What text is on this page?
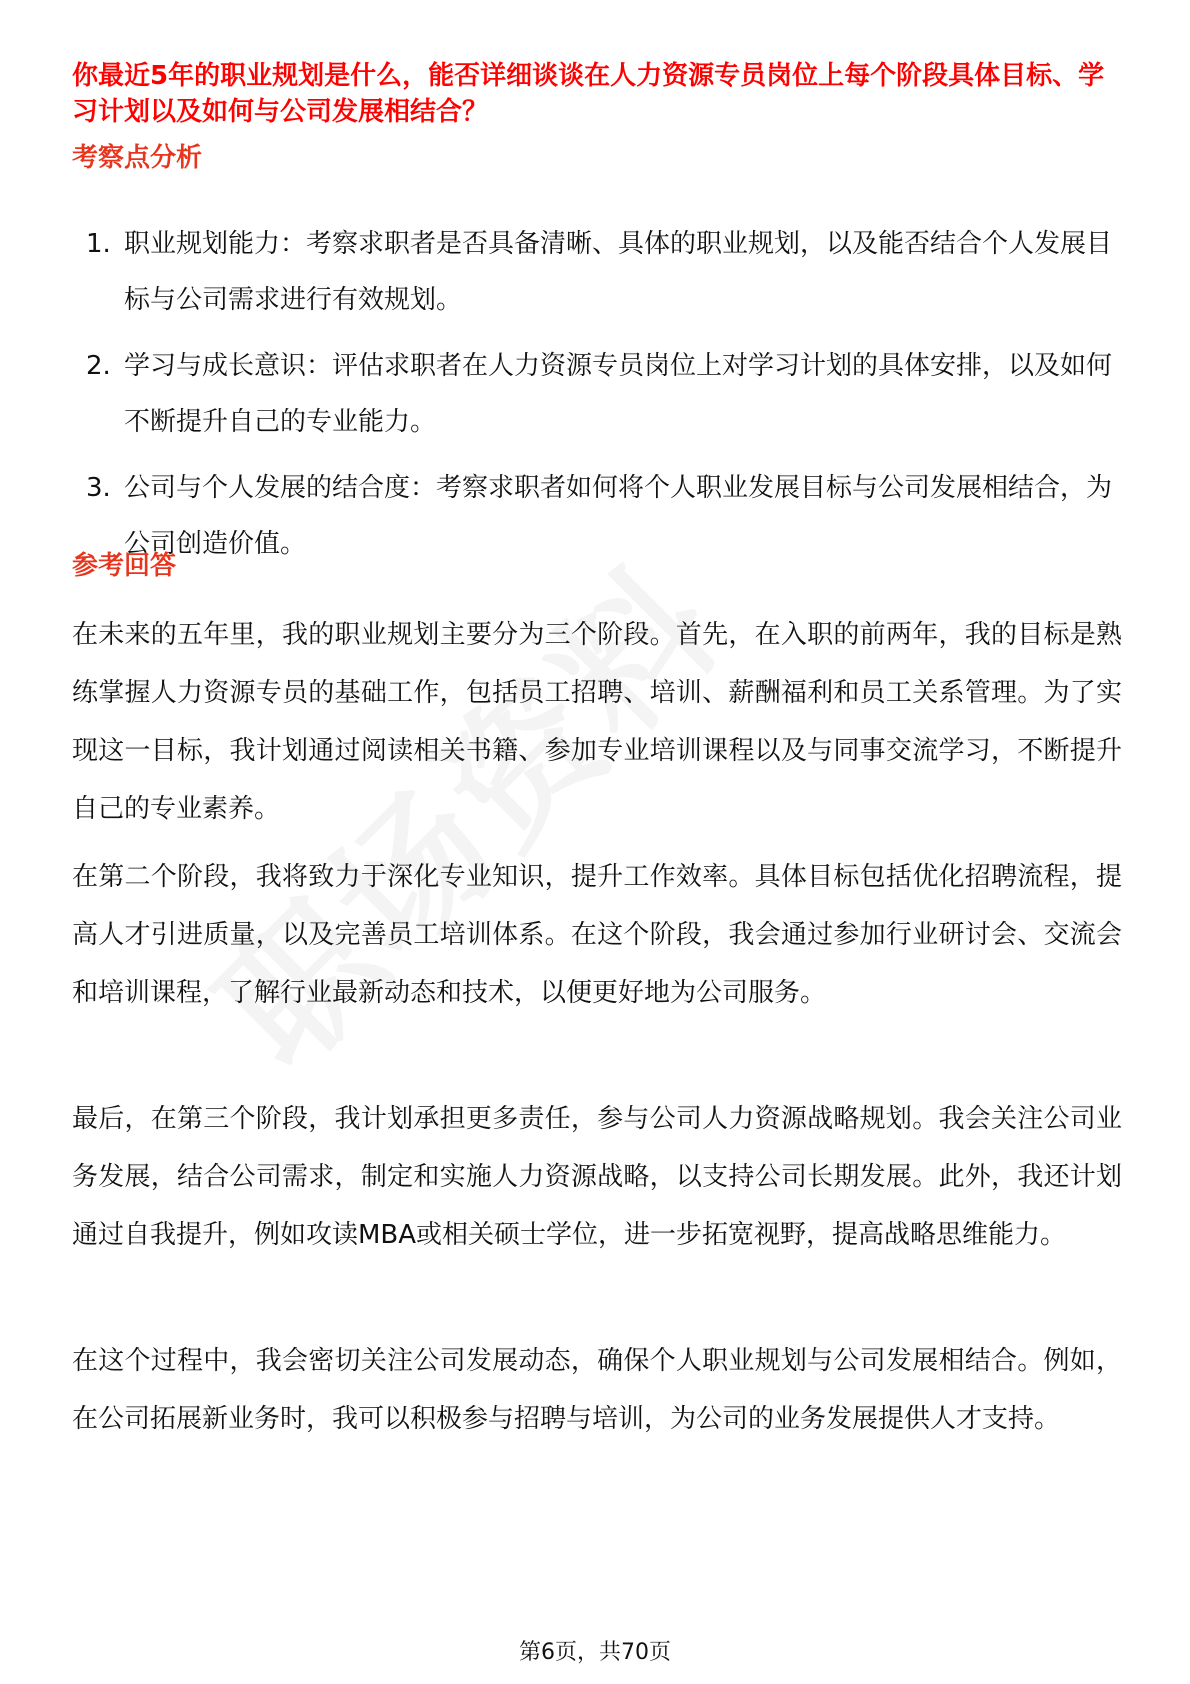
你最近5年的职业规划是什么，能否详细谈谈在人力资源专员岗位上每个阶段具体目标、学习计划以及如何与公司发展相结合？
考察点分析
1. 职业规划能力：考察求职者是否具备清晰、具体的职业规划，以及能否结合个人发展目标与公司需求进行有效规划。
2. 学习与成长意识：评估求职者在人力资源专员岗位上对学习计划的具体安排，以及如何不断提升自己的专业能力。
3. 公司与个人发展的结合度：考察求职者如何将个人职业发展目标与公司发展相结合，为公司创造价值。
参考回答

在未来的五年里，我的职业规划主要分为三个阶段。首先，在入职的前两年，我的目标是熟练掌握人力资源专员的基础工作，包括员工招聘、培训、薪酬福利和员工关系管理。为了实现这一目标，我计划通过阅读相关书籍、参加专业培训课程以及与同事交流学习，不断提升自己的专业素养。

在第二个阶段，我将致力于深化专业知识，提升工作效率。具体目标包括优化招聘流程，提高人才引进质量，以及完善员工培训体系。在这个阶段，我会通过参加行业研讨会、交流会和培训课程，了解行业最新动态和技术，以便更好地为公司服务。

最后，在第三个阶段，我计划承担更多责任，参与公司人力资源战略规划。我会关注公司业务发展，结合公司需求，制定和实施人力资源战略，以支持公司长期发展。此外，我还计划通过自我提升，例如攻读MBA或相关硕士学位，进一步拓宽视野，提高战略思维能力。

在这个过程中，我会密切关注公司发展动态，确保个人职业规划与公司发展相结合。例如，在公司拓展新业务时，我可以积极参与招聘与培训，为公司的业务发展提供人才支持。

第6页，共70页
